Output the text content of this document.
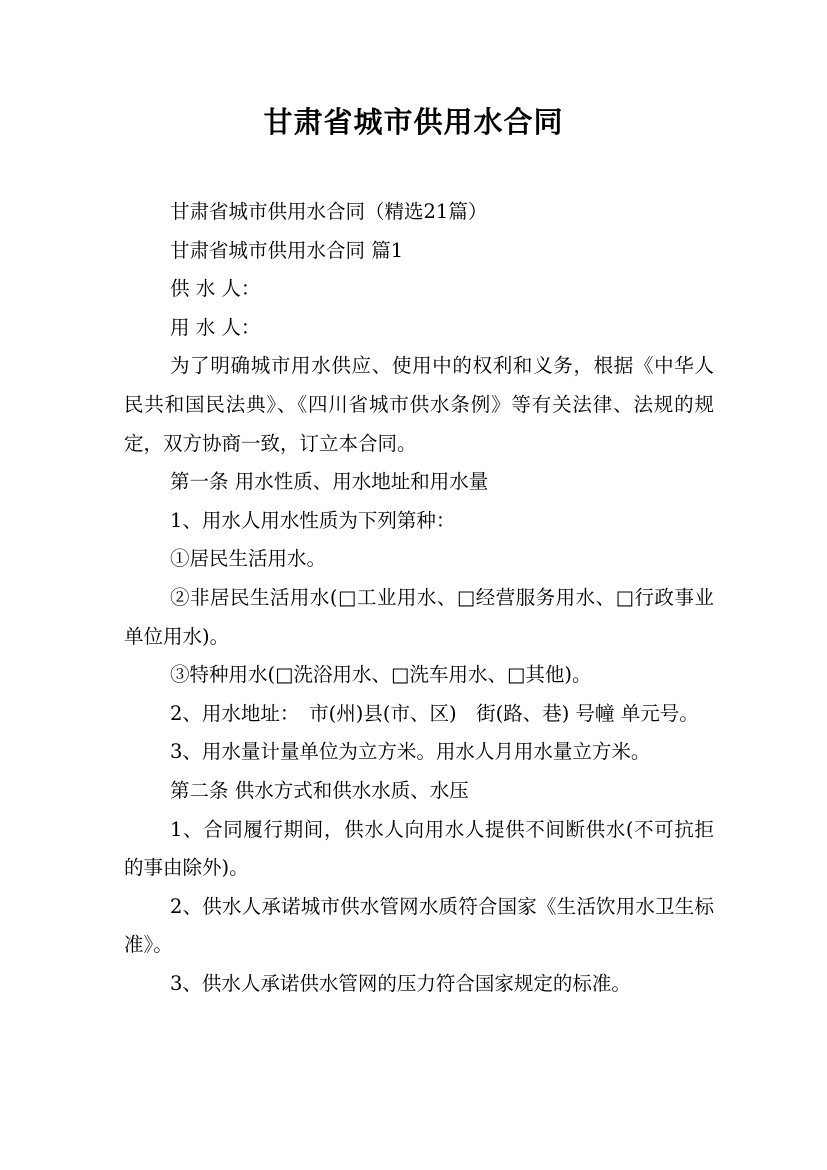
甘肃省城市供用水合同

甘肃省城市供用水合同（精选21篇）

甘肃省城市供用水合同 篇1

供 水 人：

用 水 人：

为了明确城市用水供应、使用中的权利和义务，根据《中华人民共和国民法典》、《四川省城市供水条例》等有关法律、法规的规定，双方协商一致，订立本合同。

第一条 用水性质、用水地址和用水量

1、用水人用水性质为下列第种：

①居民生活用水。

②非居民生活用水(□工业用水、□经营服务用水、□行政事业单位用水)。

③特种用水(□洗浴用水、□洗车用水、□其他)。

2、用水地址：　市(州)县(市、区)　街(路、巷) 号幢 单元号。

3、用水量计量单位为立方米。用水人月用水量立方米。

第二条 供水方式和供水水质、水压

1、合同履行期间，供水人向用水人提供不间断供水(不可抗拒的事由除外)。

2、供水人承诺城市供水管网水质符合国家《生活饮用水卫生标准》。

3、供水人承诺供水管网的压力符合国家规定的标准。
